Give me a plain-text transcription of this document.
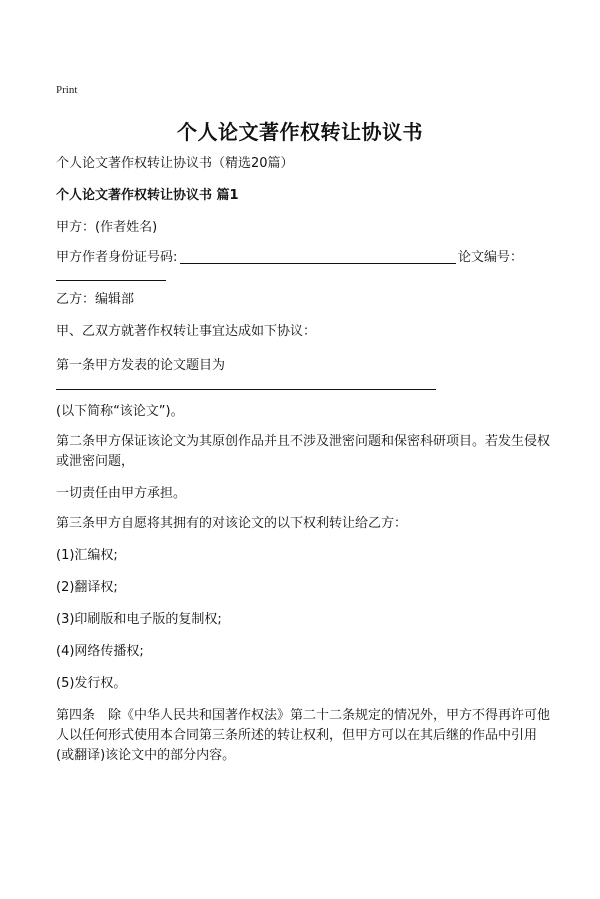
Print
个人论文著作权转让协议书
个人论文著作权转让协议书（精选20篇）
个人论文著作权转让协议书 篇1
甲方：(作者姓名)
甲方作者身份证号码:	论文编号：
乙方：编辑部
甲、乙双方就著作权转让事宜达成如下协议：
第一条甲方发表的论文题目为
(以下简称“该论文”)。
第二条甲方保证该论文为其原创作品并且不涉及泄密问题和保密科研项目。若发生侵权或泄密问题，
一切责任由甲方承担。
第三条甲方自愿将其拥有的对该论文的以下权利转让给乙方：
(1)汇编权;
(2)翻译权;
(3)印刷版和电子版的复制权;
(4)网络传播权;
(5)发行权。
第四条　除《中华人民共和国著作权法》第二十二条规定的情况外，甲方不得再许可他人以任何形式使用本合同第三条所述的转让权利，但甲方可以在其后继的作品中引用(或翻译)该论文中的部分内容。
